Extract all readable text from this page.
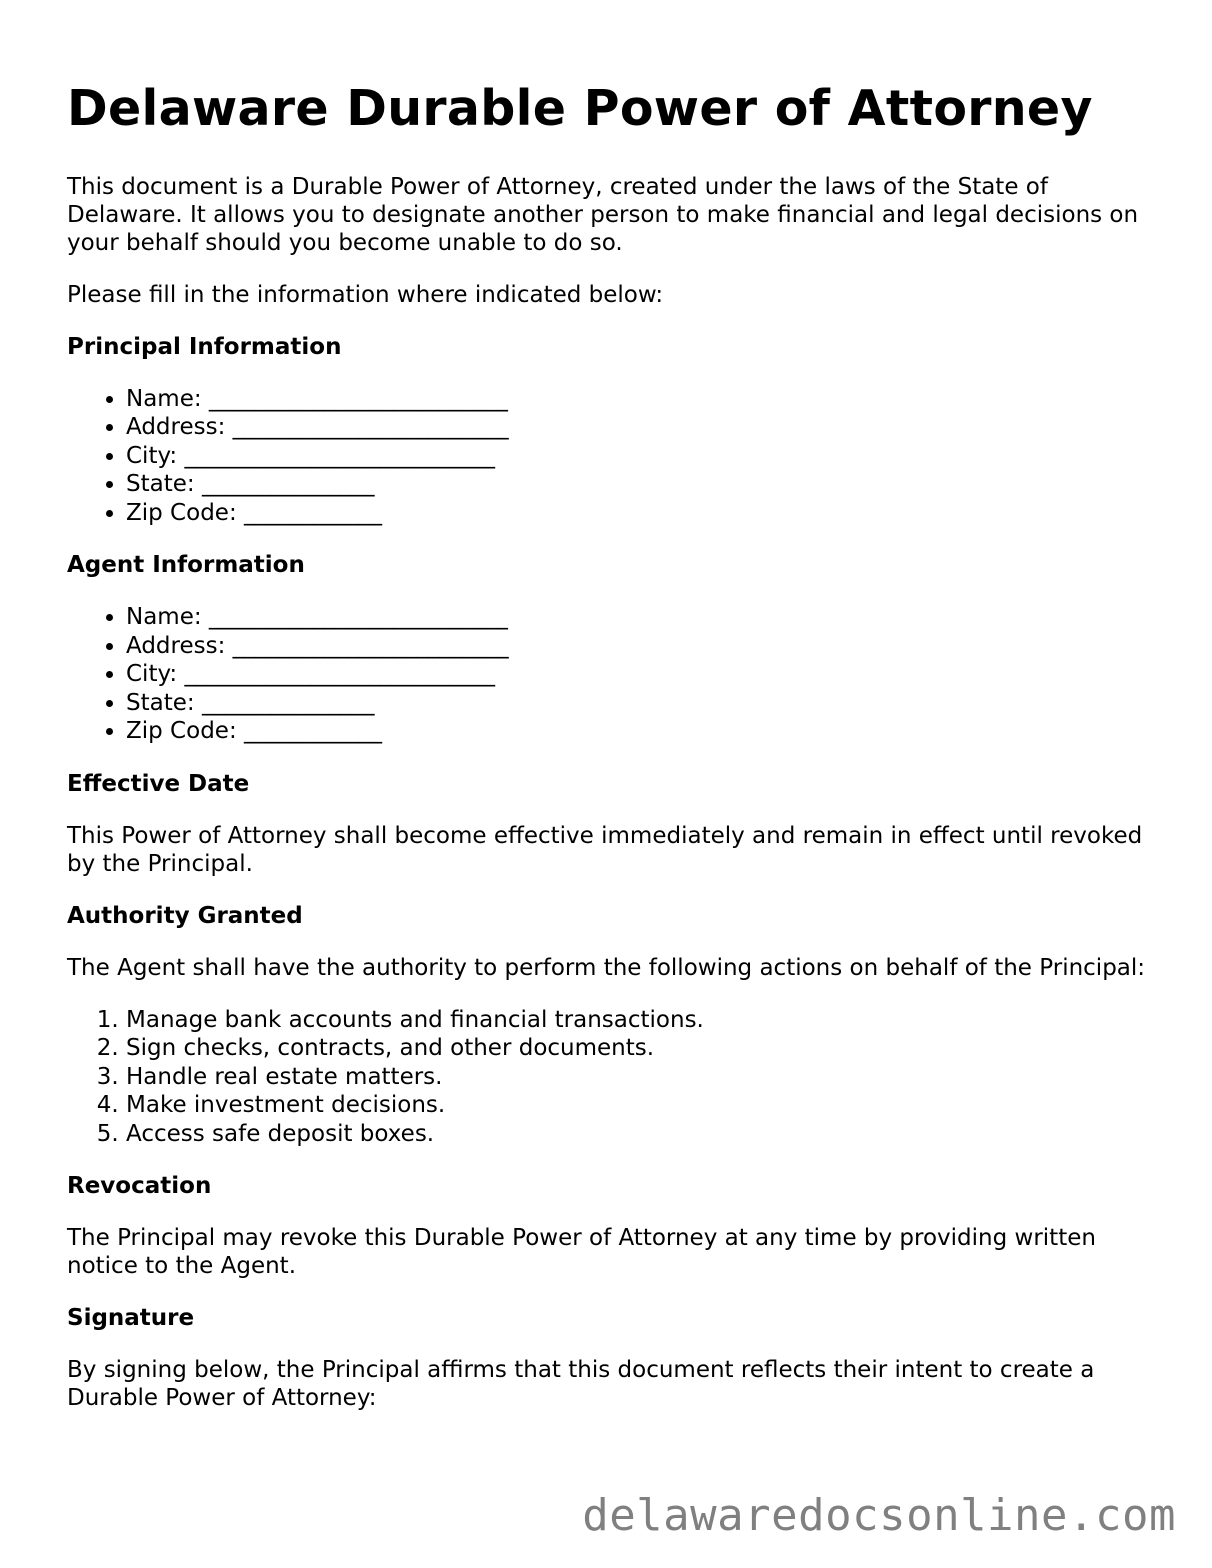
Delaware Durable Power of Attorney

This document is a Durable Power of Attorney, created under the laws of the State of Delaware. It allows you to designate another person to make financial and legal decisions on your behalf should you become unable to do so.

Please fill in the information where indicated below:

Principal Information
• Name: __________________________
• Address: ________________________
• City: ___________________________
• State: _______________
• Zip Code: ____________
Agent Information
• Name: __________________________
• Address: ________________________
• City: ___________________________
• State: _______________
• Zip Code: ____________
Effective Date

This Power of Attorney shall become effective immediately and remain in effect until revoked by the Principal.

Authority Granted

The Agent shall have the authority to perform the following actions on behalf of the Principal:

1. Manage bank accounts and financial transactions.
2. Sign checks, contracts, and other documents.
3. Handle real estate matters.
4. Make investment decisions.
5. Access safe deposit boxes.
Revocation

The Principal may revoke this Durable Power of Attorney at any time by providing written notice to the Agent.

Signature

By signing below, the Principal affirms that this document reflects their intent to create a Durable Power of Attorney:

delawaredocsonline.com
